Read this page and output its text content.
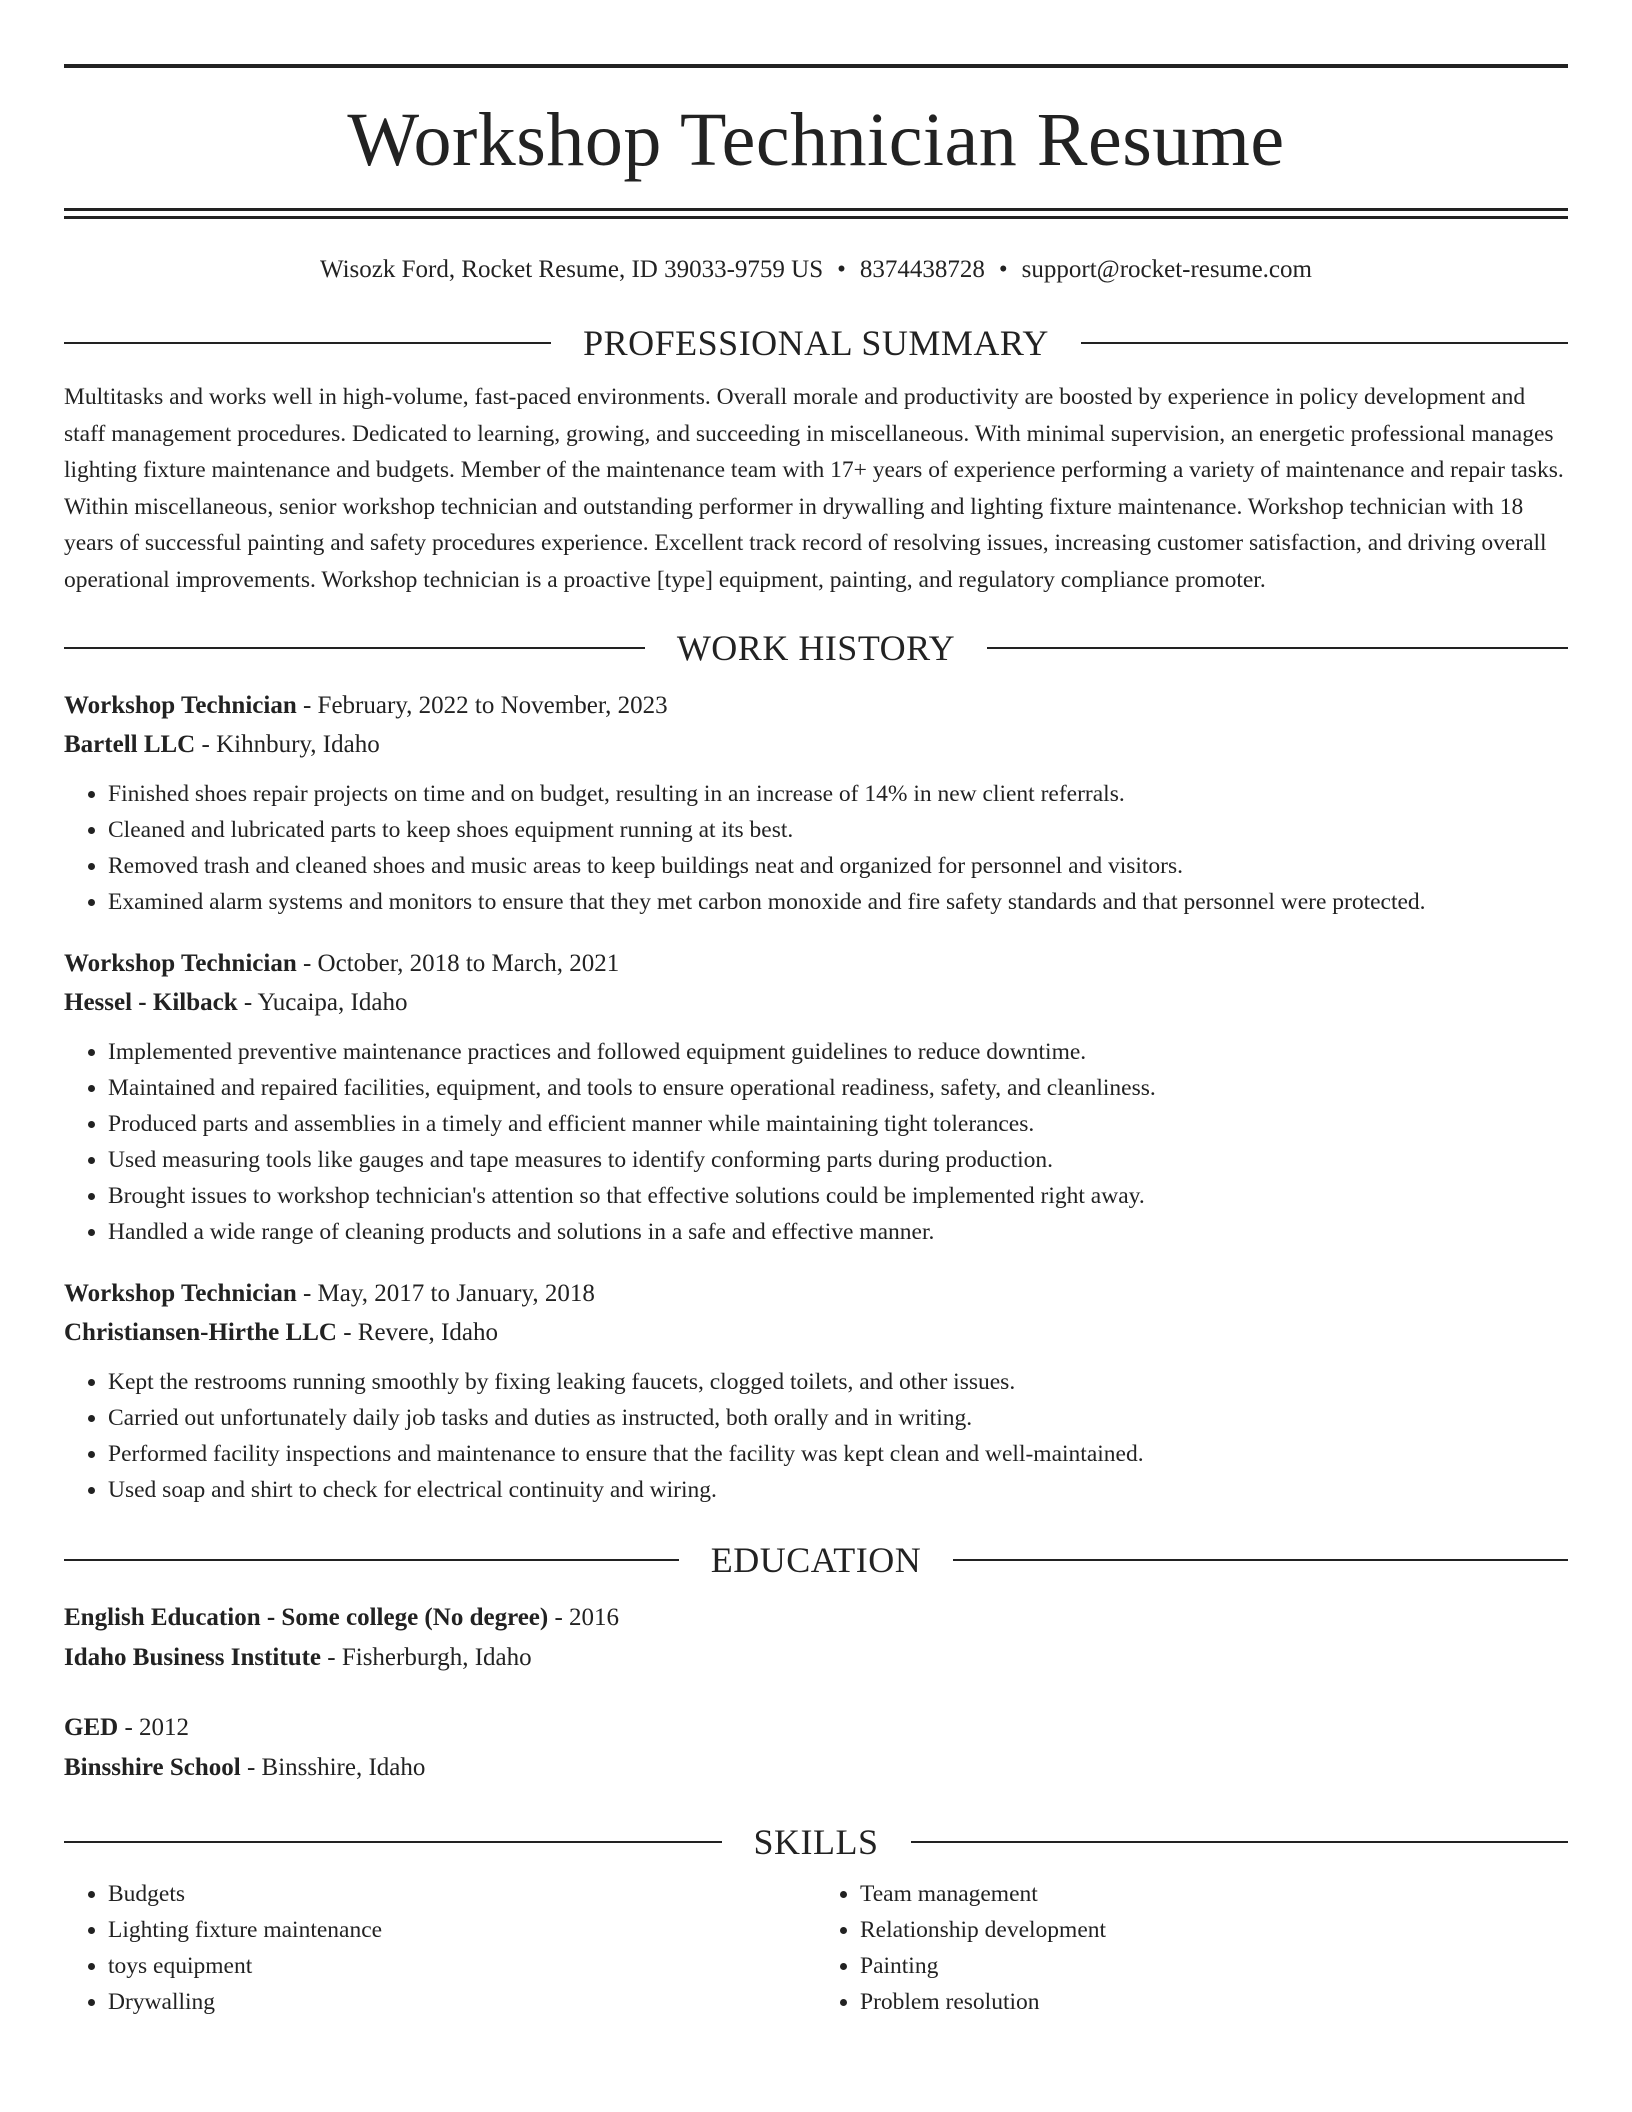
Workshop Technician Resume
Wisozk Ford, Rocket Resume, ID 39033-9759 US • 8374438728 • support@rocket-resume.com
PROFESSIONAL SUMMARY

Multitasks and works well in high-volume, fast-paced environments. Overall morale and productivity are boosted by experience in policy development and staff management procedures. Dedicated to learning, growing, and succeeding in miscellaneous. With minimal supervision, an energetic professional manages lighting fixture maintenance and budgets. Member of the maintenance team with 17+ years of experience performing a variety of maintenance and repair tasks. Within miscellaneous, senior workshop technician and outstanding performer in drywalling and lighting fixture maintenance. Workshop technician with 18 years of successful painting and safety procedures experience. Excellent track record of resolving issues, increasing customer satisfaction, and driving overall operational improvements. Workshop technician is a proactive [type] equipment, painting, and regulatory compliance promoter.

WORK HISTORY
Workshop Technician - February, 2022 to November, 2023
Bartell LLC - Kihnbury, Idaho
• Finished shoes repair projects on time and on budget, resulting in an increase of 14% in new client referrals.
• Cleaned and lubricated parts to keep shoes equipment running at its best.
• Removed trash and cleaned shoes and music areas to keep buildings neat and organized for personnel and visitors.
• Examined alarm systems and monitors to ensure that they met carbon monoxide and fire safety standards and that personnel were protected.
Workshop Technician - October, 2018 to March, 2021
Hessel - Kilback - Yucaipa, Idaho
• Implemented preventive maintenance practices and followed equipment guidelines to reduce downtime.
• Maintained and repaired facilities, equipment, and tools to ensure operational readiness, safety, and cleanliness.
• Produced parts and assemblies in a timely and efficient manner while maintaining tight tolerances.
• Used measuring tools like gauges and tape measures to identify conforming parts during production.
• Brought issues to workshop technician's attention so that effective solutions could be implemented right away.
• Handled a wide range of cleaning products and solutions in a safe and effective manner.
Workshop Technician - May, 2017 to January, 2018
Christiansen-Hirthe LLC - Revere, Idaho
• Kept the restrooms running smoothly by fixing leaking faucets, clogged toilets, and other issues.
• Carried out unfortunately daily job tasks and duties as instructed, both orally and in writing.
• Performed facility inspections and maintenance to ensure that the facility was kept clean and well-maintained.
• Used soap and shirt to check for electrical continuity and wiring.
EDUCATION
English Education - Some college (No degree) - 2016
Idaho Business Institute - Fisherburgh, Idaho
GED - 2012
Binsshire School - Binsshire, Idaho
SKILLS
• Budgets
• Lighting fixture maintenance
• toys equipment
• Drywalling
• Team management
• Relationship development
• Painting
• Problem resolution
